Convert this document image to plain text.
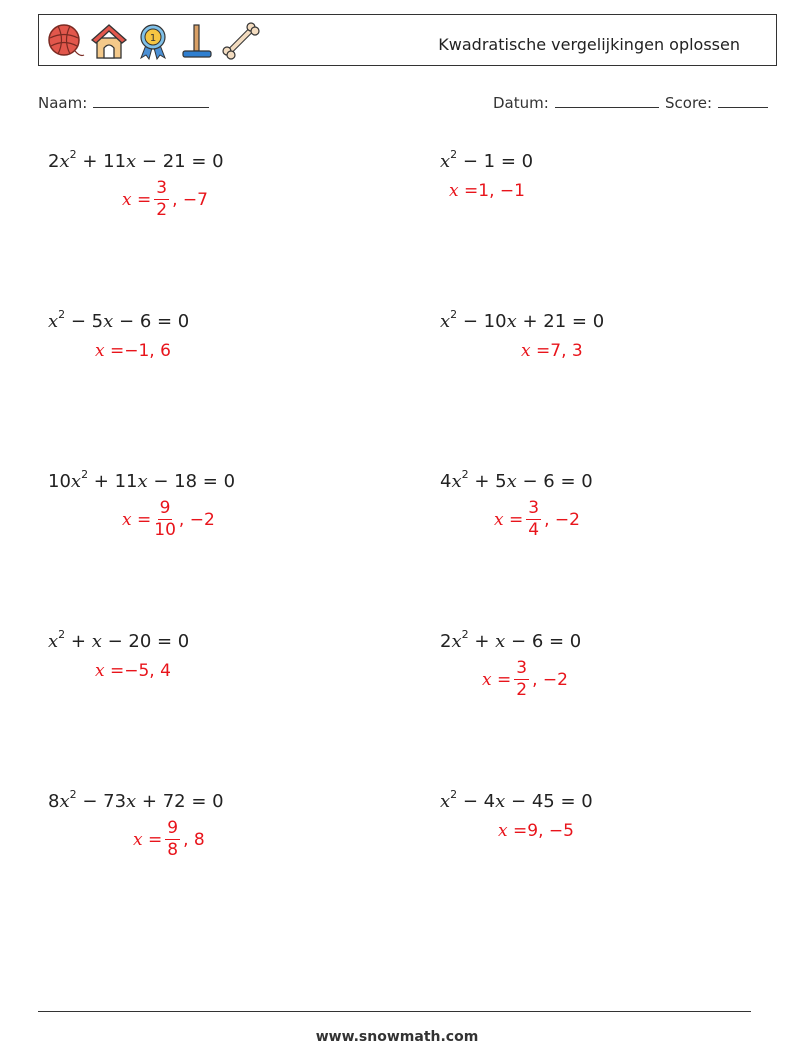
1	Kwadratische vergelijkingen oplossen
Naam:	Datum:	Score:
$2x^2 + 11x - 21 = 0$
$x = \frac{3}{2}$ , −7
$x^2 - 1 = 0$
x = 1, −1
$x^2 - 5x - 6 = 0$
x = −1, 6
$x^2 - 10x + 21 = 0$
x = 7, 3
$10x^2 + 11x - 18 = 0$
$x = \frac{9}{10}$ , −2
$4x^2 + 5x - 6 = 0$
$x = \frac{3}{4}$ , −2
$x^2 + x - 20 = 0$
x = −5, 4
$2x^2 + x - 6 = 0$
$x = \frac{3}{2}$ , −2
$8x^2 - 73x + 72 = 0$
$x = \frac{9}{8}$ , 8
$x^2 - 4x - 45 = 0$
x = 9, −5
www.snowmath.com
